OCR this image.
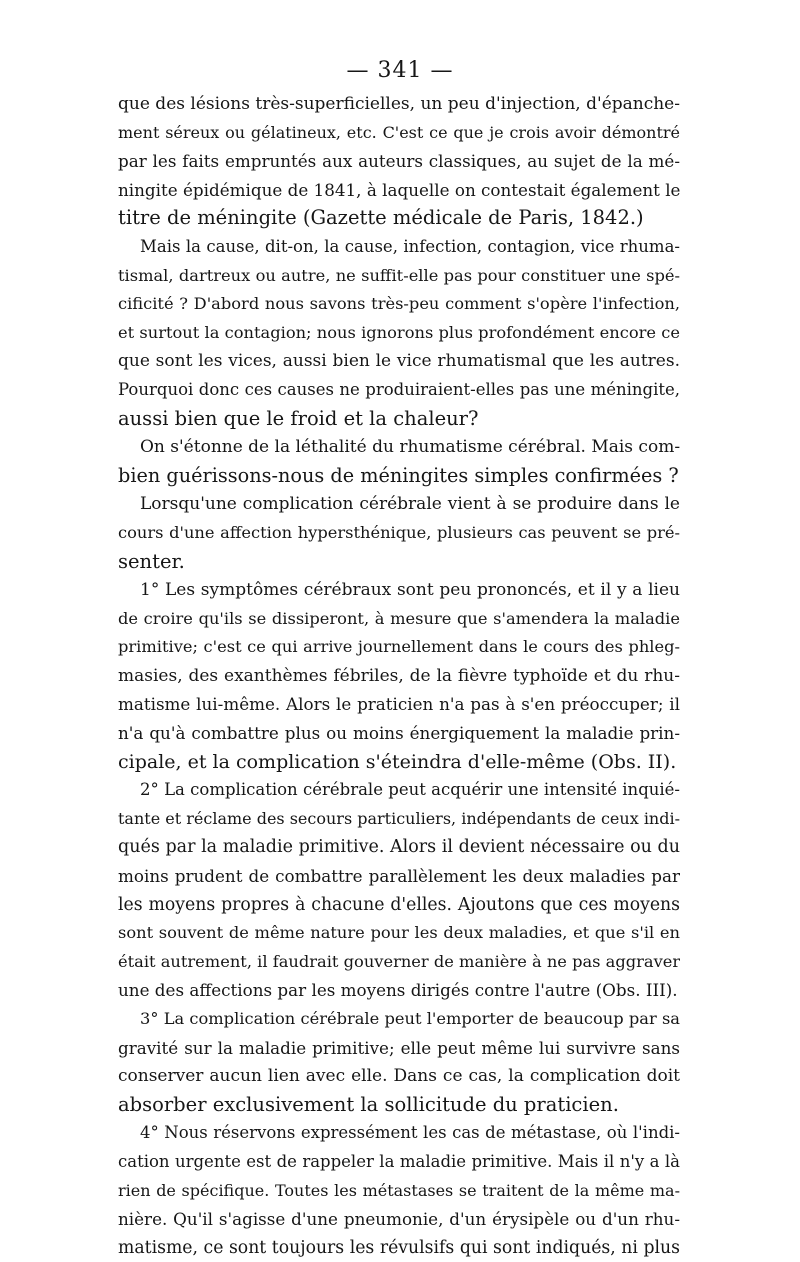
— 341 —

que des lésions très-superficielles, un peu d'injection, d'épanche-
ment séreux ou gélatineux, etc. C'est ce que je crois avoir démontré
par les faits empruntés aux auteurs classiques, au sujet de la mé-
ningite épidémique de 1841, à laquelle on contestait également le
titre de méningite (Gazette médicale de Paris, 1842.)

Mais la cause, dit-on, la cause, infection, contagion, vice rhuma-
tismal, dartreux ou autre, ne suffit-elle pas pour constituer une spé-
cificité ? D'abord nous savons très-peu comment s'opère l'infection,
et surtout la contagion; nous ignorons plus profondément encore ce
que sont les vices, aussi bien le vice rhumatismal que les autres.
Pourquoi donc ces causes ne produiraient-elles pas une méningite,
aussi bien que le froid et la chaleur?

On s'étonne de la léthalité du rhumatisme cérébral. Mais com-
bien guérissons-nous de méningites simples confirmées ?

Lorsqu'une complication cérébrale vient à se produire dans le
cours d'une affection hypersthénique, plusieurs cas peuvent se pré-
senter.

1° Les symptômes cérébraux sont peu prononcés, et il y a lieu
de croire qu'ils se dissiperont, à mesure que s'amendera la maladie
primitive; c'est ce qui arrive journellement dans le cours des phleg-
masies, des exanthèmes fébriles, de la fièvre typhoïde et du rhu-
matisme lui-même. Alors le praticien n'a pas à s'en préoccuper; il
n'a qu'à combattre plus ou moins énergiquement la maladie prin-
cipale, et la complication s'éteindra d'elle-même (Obs. II).

2° La complication cérébrale peut acquérir une intensité inquié-
tante et réclame des secours particuliers, indépendants de ceux indi-
qués par la maladie primitive. Alors il devient nécessaire ou du
moins prudent de combattre parallèlement les deux maladies par
les moyens propres à chacune d'elles. Ajoutons que ces moyens
sont souvent de même nature pour les deux maladies, et que s'il en
était autrement, il faudrait gouverner de manière à ne pas aggraver
une des affections par les moyens dirigés contre l'autre (Obs. III).

3° La complication cérébrale peut l'emporter de beaucoup par sa
gravité sur la maladie primitive; elle peut même lui survivre sans
conserver aucun lien avec elle. Dans ce cas, la complication doit
absorber exclusivement la sollicitude du praticien.

4° Nous réservons expressément les cas de métastase, où l'indi-
cation urgente est de rappeler la maladie primitive. Mais il n'y a là
rien de spécifique. Toutes les métastases se traitent de la même ma-
nière. Qu'il s'agisse d'une pneumonie, d'un érysipèle ou d'un rhu-
matisme, ce sont toujours les révulsifs qui sont indiqués, ni plus
